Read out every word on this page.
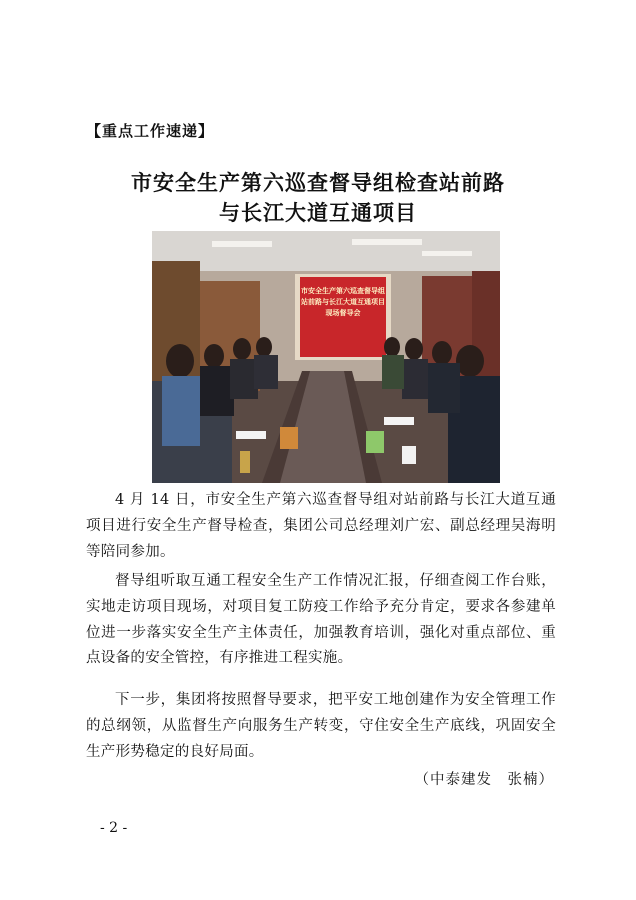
【重点工作速递】
市安全生产第六巡查督导组检查站前路
与长江大道互通项目
市安全生产第六巡查督导组站前路与长江大道互通项目现场督导会
4 月 14 日，市安全生产第六巡查督导组对站前路与长江大道互通项目进行安全生产督导检查，集团公司总经理刘广宏、副总经理吴海明等陪同参加。
督导组听取互通工程安全生产工作情况汇报，仔细查阅工作台账，实地走访项目现场，对项目复工防疫工作给予充分肯定，要求各参建单位进一步落实安全生产主体责任，加强教育培训，强化对重点部位、重点设备的安全管控，有序推进工程实施。
下一步，集团将按照督导要求，把平安工地创建作为安全管理工作的总纲领，从监督生产向服务生产转变，守住安全生产底线，巩固安全生产形势稳定的良好局面。
（中泰建发　张楠）
- 2 -
